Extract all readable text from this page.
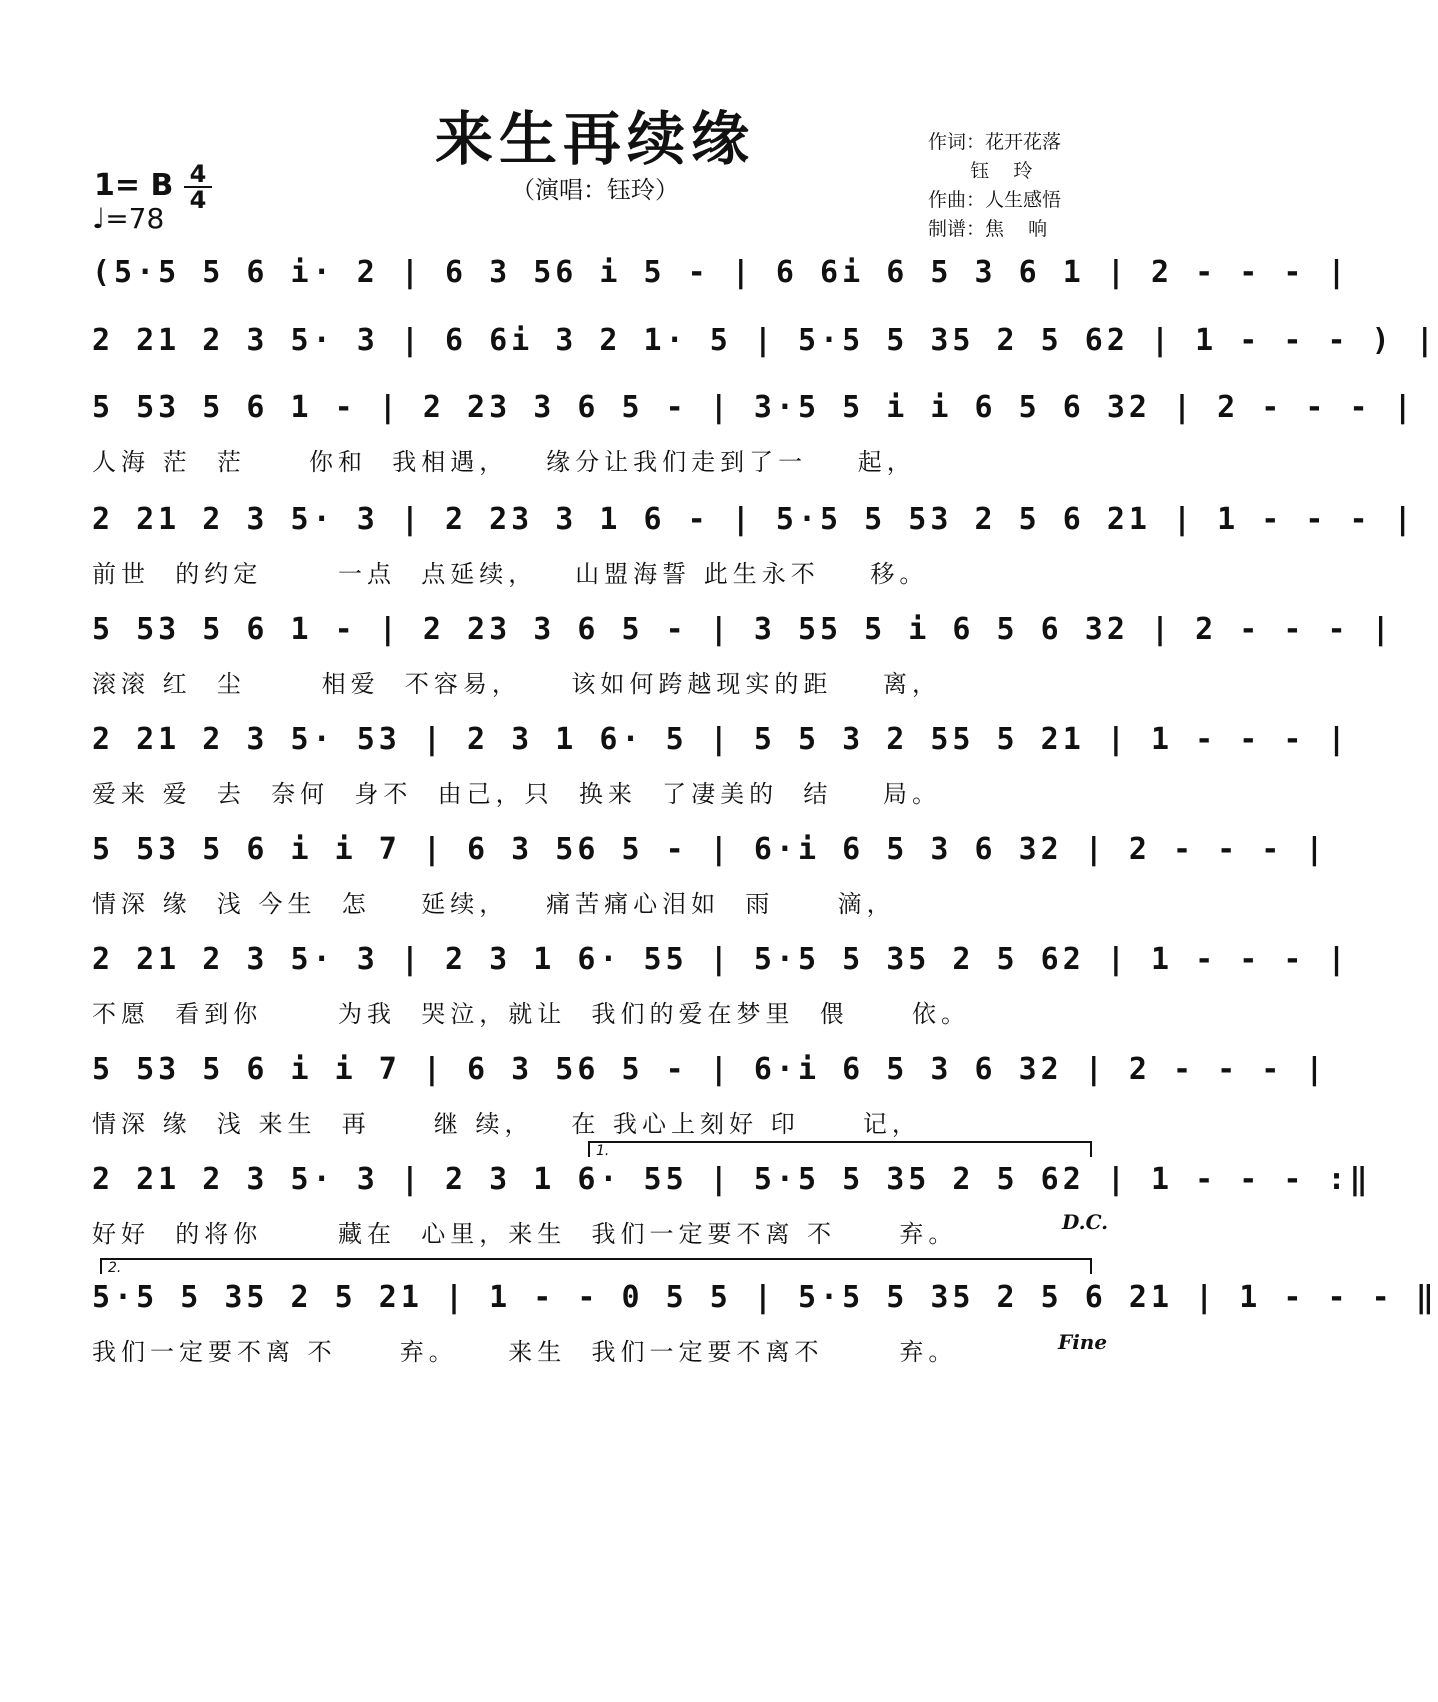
来生再续缘
（演唱：钰玲）
作词：花开花落
钰    玲
作曲：人生感悟
制谱：焦    响
1= B 4
4
♩=78
(5·5 5 6 i· 2 | 6 3 56 i 5 - | 6 6i 6 5 3 6 1 | 2 - - - |
2 21 2 3 5· 3 | 6 6i 3 2 1· 5 | 5·5 5 35 2 5 62 | 1 - - - ) |
5 53 5 6 1 - | 2 23 3 6 5 - | 3·5 5 i i 6 5 6 32 | 2 - - - |
人海 茫  茫     你和  我相遇，   缘分让我们走到了一    起，
2 21 2 3 5· 3 | 2 23 3 1 6 - | 5·5 5 53 2 5 6 21 | 1 - - - |
前世  的约定      一点  点延续，   山盟海誓 此生永不    移。
5 53 5 6 1 - | 2 23 3 6 5 - | 3 55 5 i 6 5 6 32 | 2 - - - |
滚滚 红  尘      相爱  不容易，    该如何跨越现实的距    离，
2 21 2 3 5· 53 | 2 3 1 6· 5 | 5 5 3 2 55 5 21 | 1 - - - |
爱来 爱  去  奈何  身不  由己，只  换来  了凄美的  结    局。
5 53 5 6 i i 7 | 6 3 56 5 - | 6·i 6 5 3 6 32 | 2 - - - |
情深 缘  浅 今生  怎    延续，   痛苦痛心泪如  雨     滴，
2 21 2 3 5· 3 | 2 3 1 6· 55 | 5·5 5 35 2 5 62 | 1 - - - |
不愿  看到你      为我  哭泣，就让  我们的爱在梦里  偎     依。
5 53 5 6 i i 7 | 6 3 56 5 - | 6·i 6 5 3 6 32 | 2 - - - |
情深 缘  浅 来生  再     继 续，   在 我心上刻好 印     记，
1.
2 21 2 3 5· 3 | 2 3 1 6· 55 | 5·5 5 35 2 5 62 | 1 - - - :‖
好好  的将你      藏在  心里，来生  我们一定要不离 不     弃。	D.C.
2.
5·5 5 35 2 5 21 | 1 - - 0 5 5 | 5·5 5 35 2 5 6 21 | 1 - - - ‖
我们一定要不离 不     弃。    来生  我们一定要不离不      弃。	Fine
